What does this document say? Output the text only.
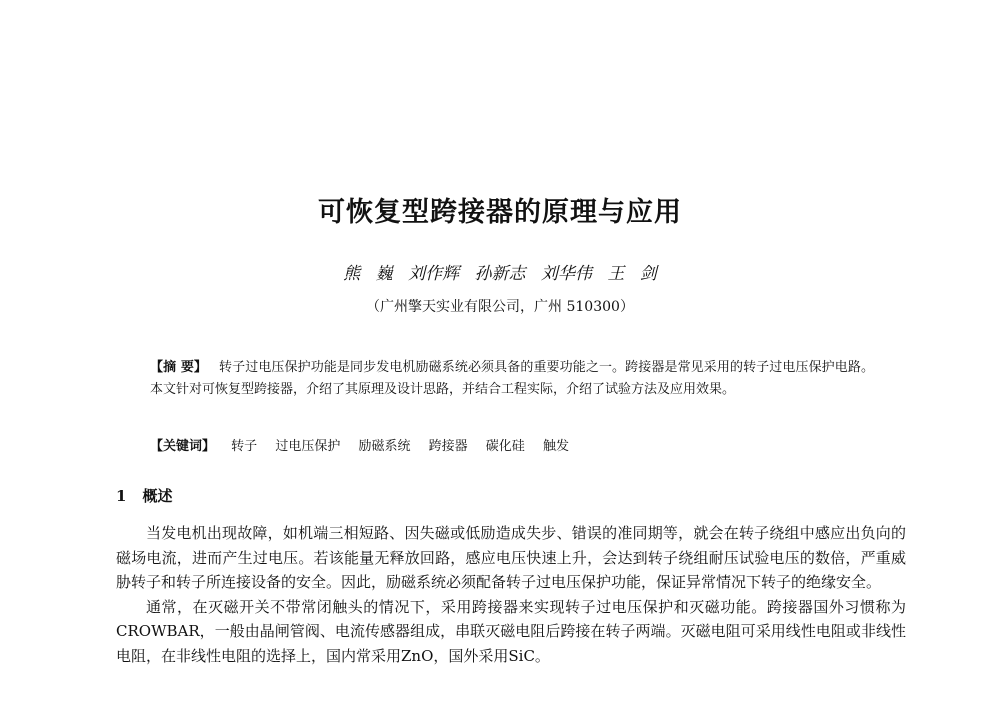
可恢复型跨接器的原理与应用
熊 巍 刘作辉 孙新志 刘华伟 王 剑
（广州擎天实业有限公司，广州 510300）
【摘 要】 转子过电压保护功能是同步发电机励磁系统必须具备的重要功能之一。跨接器是常见采用的转子过电压保护电路。本文针对可恢复型跨接器，介绍了其原理及设计思路，并结合工程实际，介绍了试验方法及应用效果。
【关键词】 转子 过电压保护 励磁系统 跨接器 碳化硅 触发
1 概述

当发电机出现故障，如机端三相短路、因失磁或低励造成失步、错误的准同期等，就会在转子绕组中感应出负向的磁场电流，进而产生过电压。若该能量无释放回路，感应电压快速上升，会达到转子绕组耐压试验电压的数倍，严重威胁转子和转子所连接设备的安全。因此，励磁系统必须配备转子过电压保护功能，保证异常情况下转子的绝缘安全。

通常，在灭磁开关不带常闭触头的情况下，采用跨接器来实现转子过电压保护和灭磁功能。跨接器国外习惯称为CROWBAR，一般由晶闸管阀、电流传感器组成，串联灭磁电阻后跨接在转子两端。灭磁电阻可采用线性电阻或非线性电阻，在非线性电阻的选择上，国内常采用ZnO，国外采用SiC。
